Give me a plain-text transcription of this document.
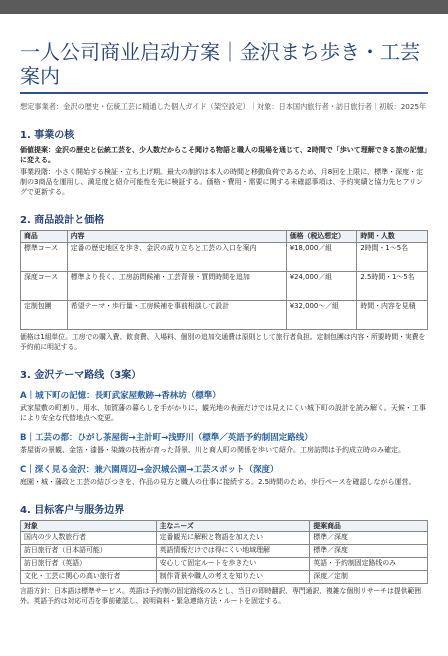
一人公司商业启动方案｜金沢まち歩き・工芸案内
想定事業者：金沢の歴史・伝統工芸に精通した個人ガイド（架空設定）｜対象：日本国内旅行者・訪日旅行者｜初版：2025年
1. 事業の核

価値提案：金沢の歴史と伝統工芸を、少人数だからこそ聞ける物語と職人の現場を通じて、2時間で「歩いて理解できる旅の記憶」に変える。

事業段階：小さく開始する検証・立ち上げ期。最大の制約は本人の時間と移動負荷であるため、月8回を上限に、標準・深度・定制の3商品を運用し、満足度と紹介可能性を先に検証する。価格・費用・需要に関する未確認事項は、予約実績と協力先ヒアリングで更新する。

2. 商品設計と価格
商品	内容	価格（税込想定）	時間・人数
標準コース	定番の歴史地区を歩き、金沢の成り立ちと工芸の入口を案内	¥18,000／組	2時間・1〜5名
深度コース	標準より長く、工房訪問候補・工芸背景・質問時間を追加	¥24,000／組	2.5時間・1〜5名
定制包團	希望テーマ・歩行量・工房候補を事前相談して設計	¥32,000〜／組	時間・内容を見積

価格は1組単位。工房での購入費、飲食費、入場料、個別の追加交通費は原則として旅行者負担。定制包團は内容・所要時間・実費を予約前に明記する。

3. 金沢テーマ路线（3案）
A｜城下町の記憶：長町武家屋敷跡→香林坊（標準）

武家屋敷の町割り、用水、加賀藩の暮らしを手がかりに、観光地の表面だけでは見えにくい城下町の設計を読み解く。天候・工事により安全な代替地点へ変更。

B｜工芸の都：ひがし茶屋街→主計町→浅野川（標準／英語予約制固定路线）

茶屋街の景観、金箔・漆器・染織の技術が育った背景、川と商人町の関係を歩いて紹介。工房訪問は予約成立時のみ確定。

C｜深く見る金沢：兼六園周辺→金沢城公園→工芸スポット（深度）

庭園・城・藩政と工芸の結びつきを、作品の見方と職人の仕事に接続する。2.5時間のため、歩行ペースを確認しながら運営。

4. 目标客户与服务边界
対象	主なニーズ	提案商品
国内の少人数旅行者	定番観光に解釈と物語を加えたい	標準／深度
訪日旅行者（日本語可能）	英語情報だけでは得にくい地域理解	標準／深度
訪日旅行者（英語）	安心して固定ルートを歩きたい	英語・予約制固定路线のみ
文化・工芸に関心の高い旅行者	制作背景や職人の考えを知りたい	深度／定制

言語方針：日本語は標準サービス。英語は予約制の固定路线のみとし、当日の即時翻訳、専門通訳、複雑な個別リサーチは提供範囲外。英語予約は対応可否を事前確認し、説明資料・緊急連絡方法・ルートを固定する。
